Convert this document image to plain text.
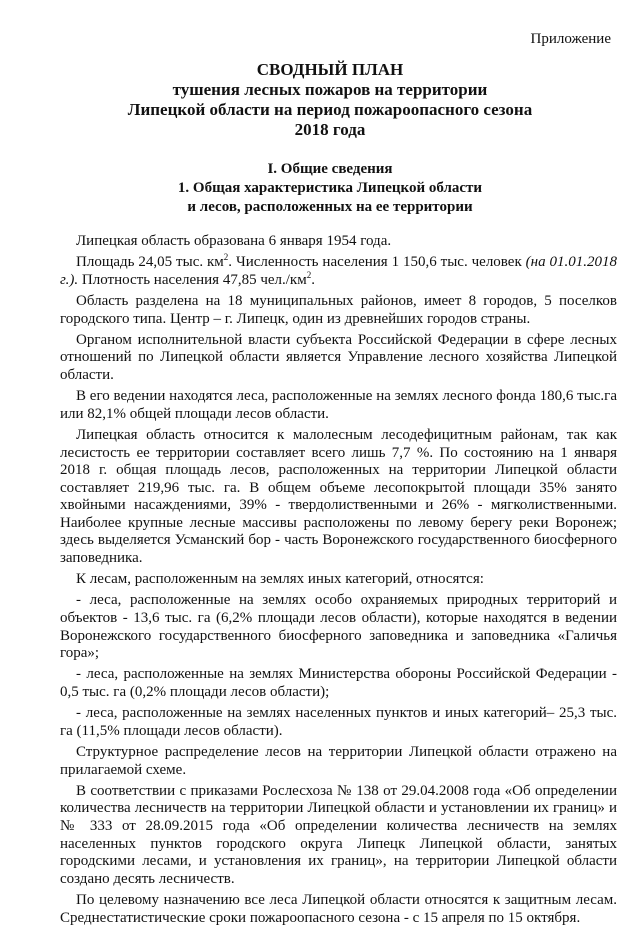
Приложение
СВОДНЫЙ ПЛАН
тушения лесных пожаров на территории
Липецкой области на период пожароопасного сезона
2018 года
I. Общие сведения
1. Общая характеристика Липецкой области
и лесов, расположенных на ее территории

Липецкая область образована 6 января 1954 года.

Площадь 24,05 тыс. $км^2$. Численность населения 1 150,6 тыс. человек (на 01.01.2018 г.). Плотность населения 47,85 $чел./км^2$.

Область разделена на 18 муниципальных районов, имеет 8 городов, 5 поселков городского типа. Центр – г. Липецк, один из древнейших городов страны.

Органом исполнительной власти субъекта Российской Федерации в сфере лесных отношений по Липецкой области является Управление лесного хозяйства Липецкой области.

В его ведении находятся леса, расположенные на землях лесного фонда 180,6 тыс.га или 82,1% общей площади лесов области.

Липецкая область относится к малолесным лесодефицитным районам, так как лесистость ее территории составляет всего лишь 7,7 %. По состоянию на 1 января 2018 г. общая площадь лесов, расположенных на территории Липецкой области составляет 219,96 тыс. га. В общем объеме лесопокрытой площади 35% занято хвойными насаждениями, 39% - твердолиственными и 26% - мягколиственными. Наиболее крупные лесные массивы расположены по левому берегу реки Воронеж; здесь выделяется Усманский бор - часть Воронежского государственного биосферного заповедника.

К лесам, расположенным на землях иных категорий, относятся:

- леса, расположенные на землях особо охраняемых природных территорий и объектов - 13,6 тыс. га (6,2% площади лесов области), которые находятся в ведении Воронежского государственного биосферного заповедника и заповедника «Галичья гора»;

- леса, расположенные на землях Министерства обороны Российской Федерации - 0,5 тыс. га (0,2% площади лесов области);

- леса, расположенные на землях населенных пунктов и иных категорий– 25,3 тыс. га (11,5% площади лесов области).

Структурное распределение лесов на территории Липецкой области отражено на прилагаемой схеме.

В соответствии с приказами Рослесхоза № 138 от 29.04.2008 года «Об определении количества лесничеств на территории Липецкой области и установлении их границ» и № 333 от 28.09.2015 года «Об определении количества лесничеств на землях населенных пунктов городского округа Липецк Липецкой области, занятых городскими лесами, и установления их границ», на территории Липецкой области создано десять лесничеств.

По целевому назначению все леса Липецкой области относятся к защитным лесам. Среднестатистические сроки пожароопасного сезона - с 15 апреля по 15 октября.
